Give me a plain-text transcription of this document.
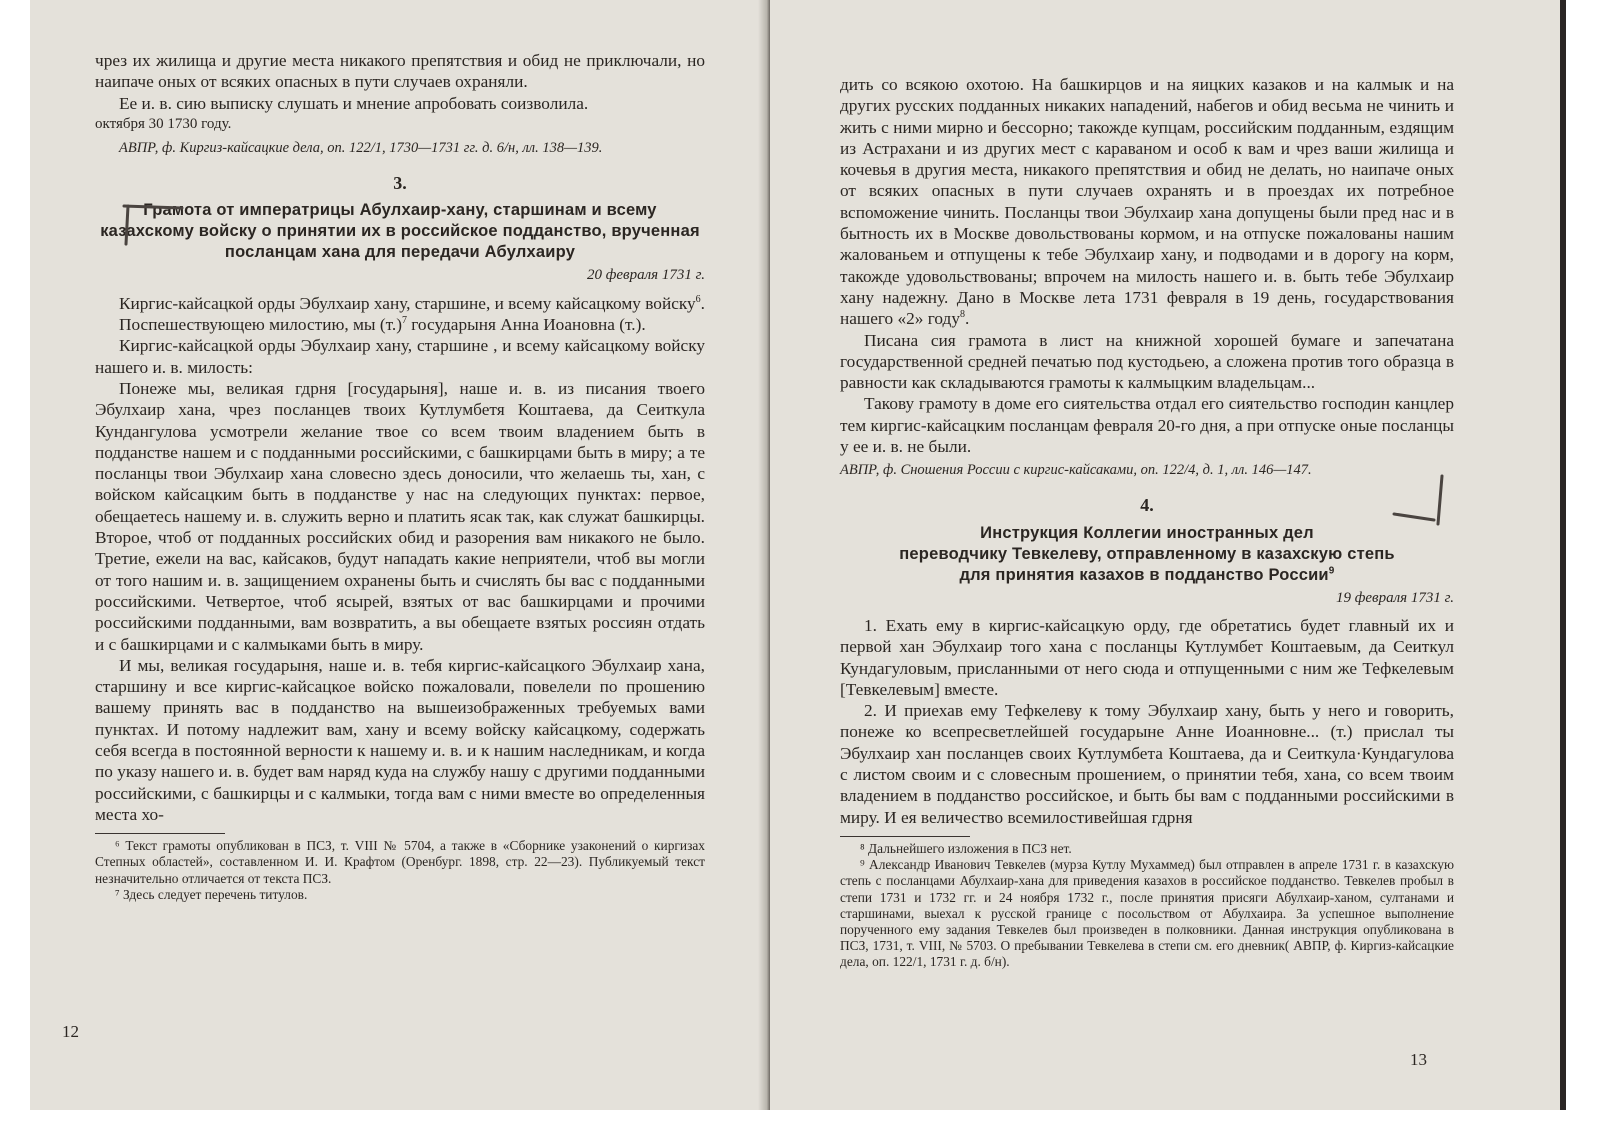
чрез их жилища и другие места никакого препятствия и обид не приключали, но наипаче оных от всяких опасных в пути случаев охраняли.

Ее и. в. сию выписку слушать и мнение апробовать соизволила.

октября 30 1730 году.

АВПР, ф. Киргиз-кайсацкие дела, оп. 122/1, 1730—1731 гг. д. 6/н, лл. 138—139.

3.

Грамота от императрицы Абулхаир-хану, старшинам и всему казахскому войску о принятии их в российское подданство, врученная посланцам хана для передачи Абулхаиру

20 февраля 1731 г.

Киргис-кайсацкой орды Эбулхаир хану, старшине, и всему кайсацкому войску$^6$.

Поспешествующею милостию, мы $(т.)^7$ государыня Анна Иоановна (т.).

Киргис-кайсацкой орды Эбулхаир хану, старшине , и всему кайсацкому войску нашего и. в. милость:

Понеже мы, великая гдрня [государыня], наше и. в. из писания твоего Эбулхаир хана, чрез посланцев твоих Кутлумбетя Коштаева, да Сеиткула Кундангулова усмотрели желание твое со всем твоим владением быть в подданстве нашем и с подданными российскими, с башкирцами быть в миру; а те посланцы твои Эбулхаир хана словесно здесь доносили, что желаешь ты, хан, с войском кайсацким быть в подданстве у нас на следующих пунктах: первое, обещаетесь нашему и. в. служить верно и платить ясак так, как служат башкирцы. Второе, чтоб от подданных российских обид и разорения вам никакого не было. Третие, ежели на вас, кайсаков, будут нападать какие неприятели, чтоб вы могли от того нашим и. в. защищением охранены быть и счислять бы вас с подданными российскими. Четвертое, чтоб ясырей, взятых от вас башкирцами и прочими российскими подданными, вам возвратить, а вы обещаете взятых россиян отдать и с башкирцами и с калмыками быть в миру.

И мы, великая государыня, наше и. в. тебя киргис-кайсацкого Эбулхаир хана, старшину и все киргис-кайсацкое войско пожаловали, повелели по прошению вашему принять вас в подданство на вышеизображенных требуемых вами пунктах. И потому надлежит вам, хану и всему войску кайсацкому, содержать себя всегда в постоянной верности к нашему и. в. и к нашим наследникам, и когда по указу нашего и. в. будет вам наряд куда на службу нашу с другими подданными российскими, с башкирцы и с калмыки, тогда вам с ними вместе во определенныя места хо-

⁶ Текст грамоты опубликован в ПСЗ, т. VIII № 5704, а также в «Сборнике узаконений о киргизах Степных областей», составленном И. И. Крафтом (Оренбург. 1898, стр. 22—23). Публикуемый текст незначительно отличается от текста ПСЗ.

⁷ Здесь следует перечень титулов.

12

дить со всякою охотою. На башкирцов и на яицких казаков и на калмык и на других русских подданных никаких нападений, набегов и обид весьма не чинить и жить с ними мирно и бессорно; такожде купцам, российским подданным, ездящим из Астрахани и из других мест с караваном и особ к вам и чрез ваши жилища и кочевья в другия места, никакого препятствия и обид не делать, но наипаче оных от всяких опасных в пути случаев охранять и в проездах их потребное вспоможение чинить. Посланцы твои Эбулхаир хана допущены были пред нас и в бытность их в Москве довольствованы кормом, и на отпуске пожалованы нашим жалованьем и отпущены к тебе Эбулхаир хану, и подводами и в дорогу на корм, такожде удовольствованы; впрочем на милость нашего и. в. быть тебе Эбулхаир хану надежну. Дано в Москве лета 1731 февраля в 19 день, государствования нашего «2» году$^8$.

Писана сия грамота в лист на книжной хорошей бумаге и запечатана государственной средней печатью под кустодьею, а сложена против того образца в равности как складываются грамоты к калмыцким владельцам...

Такову грамоту в доме его сиятельства отдал его сиятельство господин канцлер тем киргис-кайсацким посланцам февраля 20-го дня, а при отпуске оные посланцы у ее и. в. не были.

АВПР, ф. Сношения России с киргис-кайсаками, оп. 122/4, д. 1, лл. 146—147.

4.

Инструкция Коллегии иностранных дел

переводчику Тевкелеву, отправленному в казахскую степь

для принятия казахов в подданство России$^9$

19 февраля 1731 г.

1. Ехать ему в киргис-кайсацкую орду, где обретатись будет главный их и первой хан Эбулхаир того хана с посланцы Кутлумбет Коштаевым, да Сеиткул Кундагуловым, присланными от него сюда и отпущенными с ним же Тефкелевым [Тевкелевым] вместе.

2. И приехав ему Тефкелеву к тому Эбулхаир хану, быть у него и говорить, понеже ко всепресветлейшей государыне Анне Иоанновне... (т.) прислал ты Эбулхаир хан посланцев своих Кутлумбета Коштаева, да и Сеиткула·Кундагулова с листом своим и с словесным прошением, о принятии тебя, хана, со всем твоим владением в подданство российское, и быть бы вам с подданными российскими в миру. И ея величество всемилостивейшая гдрня

⁸ Дальнейшего изложения в ПСЗ нет.

⁹ Александр Иванович Тевкелев (мурза Кутлу Мухаммед) был отправлен в апреле 1731 г. в казахскую степь с посланцами Абулхаир-хана для приведения казахов в российское подданство. Тевкелев пробыл в степи 1731 и 1732 гг. и 24 ноября 1732 г., после принятия присяги Абулхаир-ханом, султанами и старшинами, выехал к русской границе с посольством от Абулхаира. За успешное выполнение порученного ему задания Тевкелев был произведен в полковники. Данная инструкция опубликована в ПСЗ, 1731, т. VIII, № 5703. О пребывании Тевкелева в степи см. его дневник( АВПР, ф. Киргиз-кайсацкие дела, оп. 122/1, 1731 г. д. б/н).

13
